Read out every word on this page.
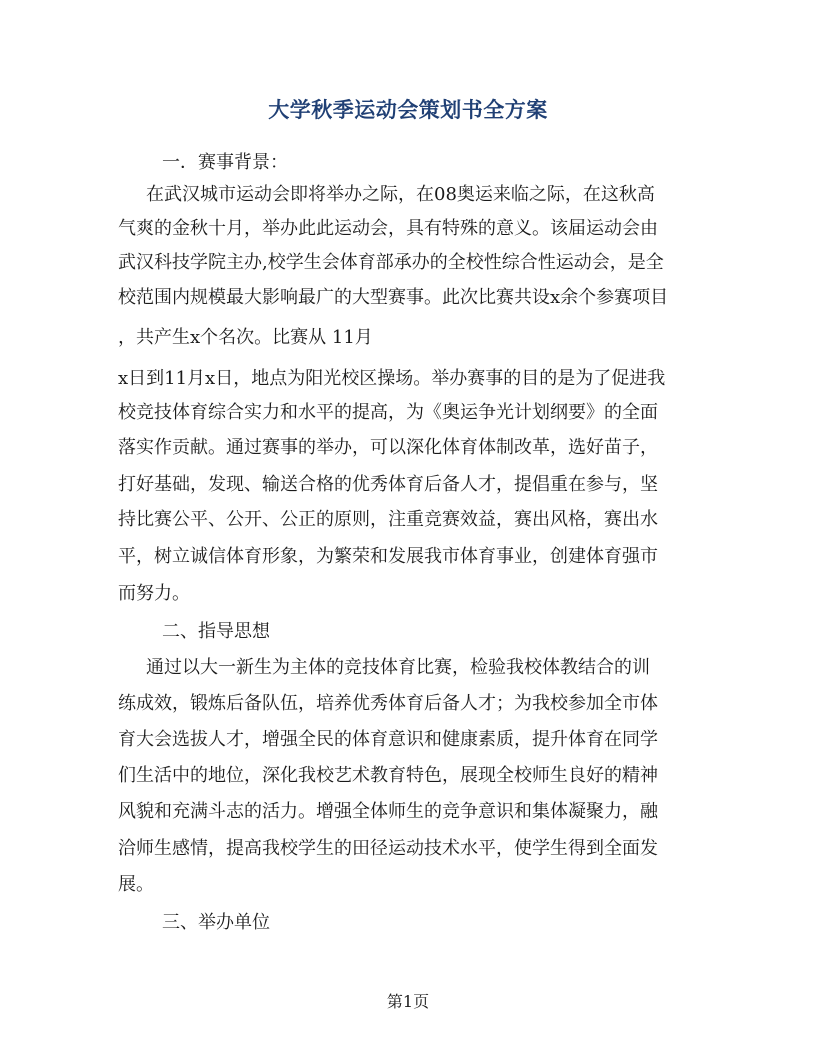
大学秋季运动会策划书全方案
一．赛事背景：
在武汉城市运动会即将举办之际，在08奥运来临之际，在这秋高
气爽的金秋十月，举办此此运动会，具有特殊的意义。该届运动会由
武汉科技学院主办,校学生会体育部承办的全校性综合性运动会，是全
校范围内规模最大影响最广的大型赛事。此次比赛共设x余个参赛项目
，共产生x个名次。比赛从 11月
x日到11月x日，地点为阳光校区操场。举办赛事的目的是为了促进我
校竞技体育综合实力和水平的提高，为《奥运争光计划纲要》的全面
落实作贡献。通过赛事的举办，可以深化体育体制改革，选好苗子，
打好基础，发现、输送合格的优秀体育后备人才，提倡重在参与，坚
持比赛公平、公开、公正的原则，注重竞赛效益，赛出风格，赛出水
平，树立诚信体育形象，为繁荣和发展我市体育事业，创建体育强市
而努力。
二、指导思想
通过以大一新生为主体的竞技体育比赛，检验我校体教结合的训
练成效，锻炼后备队伍，培养优秀体育后备人才；为我校参加全市体
育大会选拔人才，增强全民的体育意识和健康素质，提升体育在同学
们生活中的地位，深化我校艺术教育特色，展现全校师生良好的精神
风貌和充满斗志的活力。增强全体师生的竞争意识和集体凝聚力，融
洽师生感情，提高我校学生的田径运动技术水平，使学生得到全面发
展。
三、举办单位
第1页
